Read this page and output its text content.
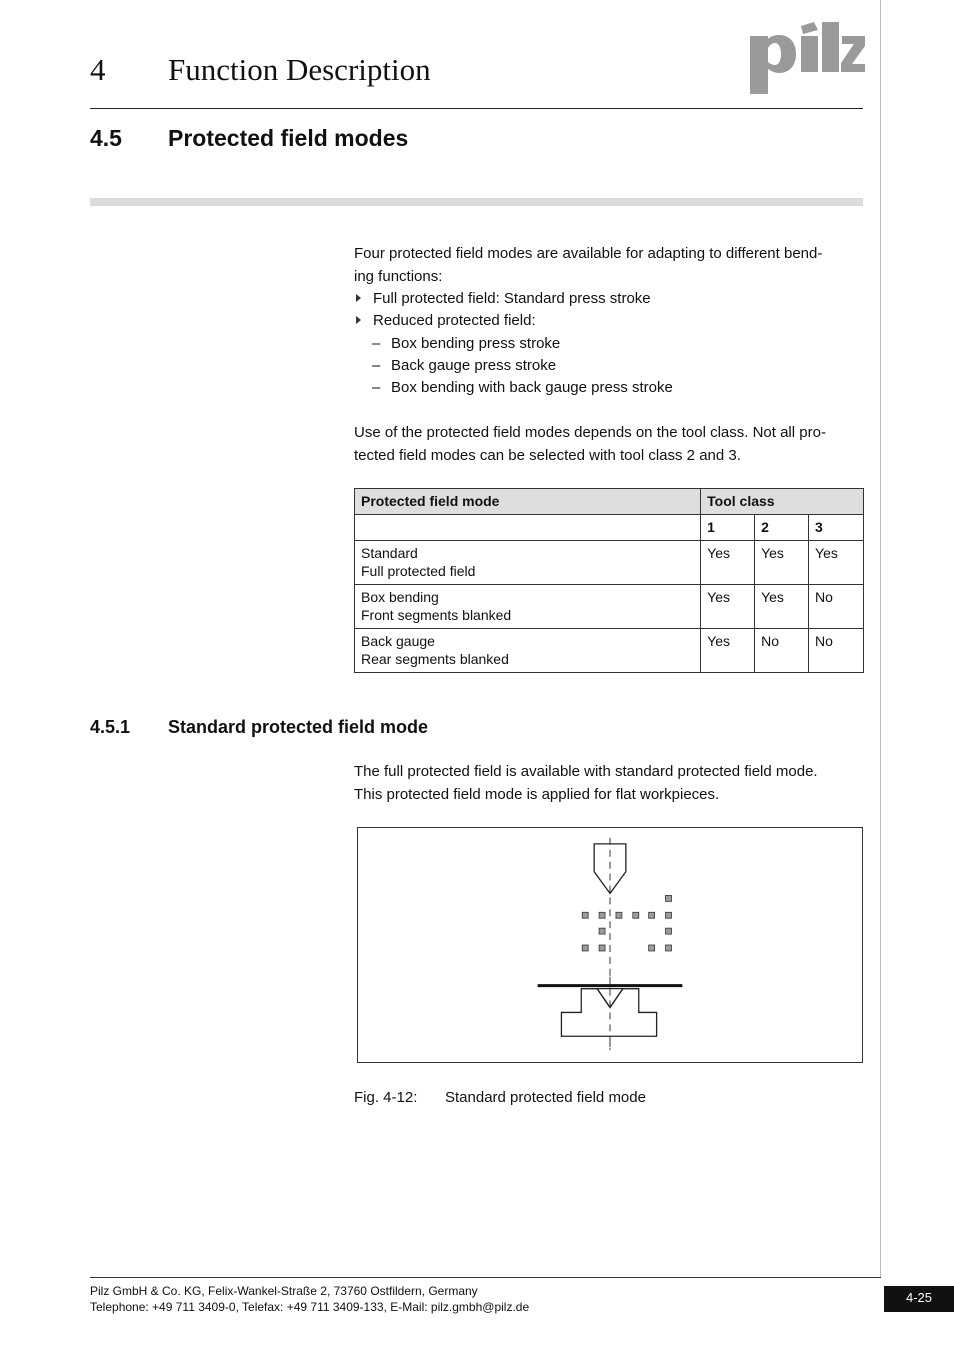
4 Function Description
4.5 Protected field modes
Four protected field modes are available for adapting to different bend-
ing functions:
Full protected field: Standard press stroke
Reduced protected field:
– Box bending press stroke
– Back gauge press stroke
– Box bending with back gauge press stroke
Use of the protected field modes depends on the tool class. Not all pro-
tected field modes can be selected with tool class 2 and 3.
Protected field mode	Tool class		
	1	2	3

Standard
Full protected field	Yes	Yes	Yes

Box bending
Front segments blanked	Yes	Yes	No

Back gauge
Rear segments blanked	Yes	No	No
4.5.1 Standard protected field mode
The full protected field is available with standard protected field mode.
This protected field mode is applied for flat workpieces.
Fig. 4-12: Standard protected field mode
Pilz GmbH & Co. KG, Felix-Wankel-Straße 2, 73760 Ostfildern, Germany
Telephone: +49 711 3409-0, Telefax: +49 711 3409-133, E-Mail: pilz.gmbh@pilz.de
4-25
